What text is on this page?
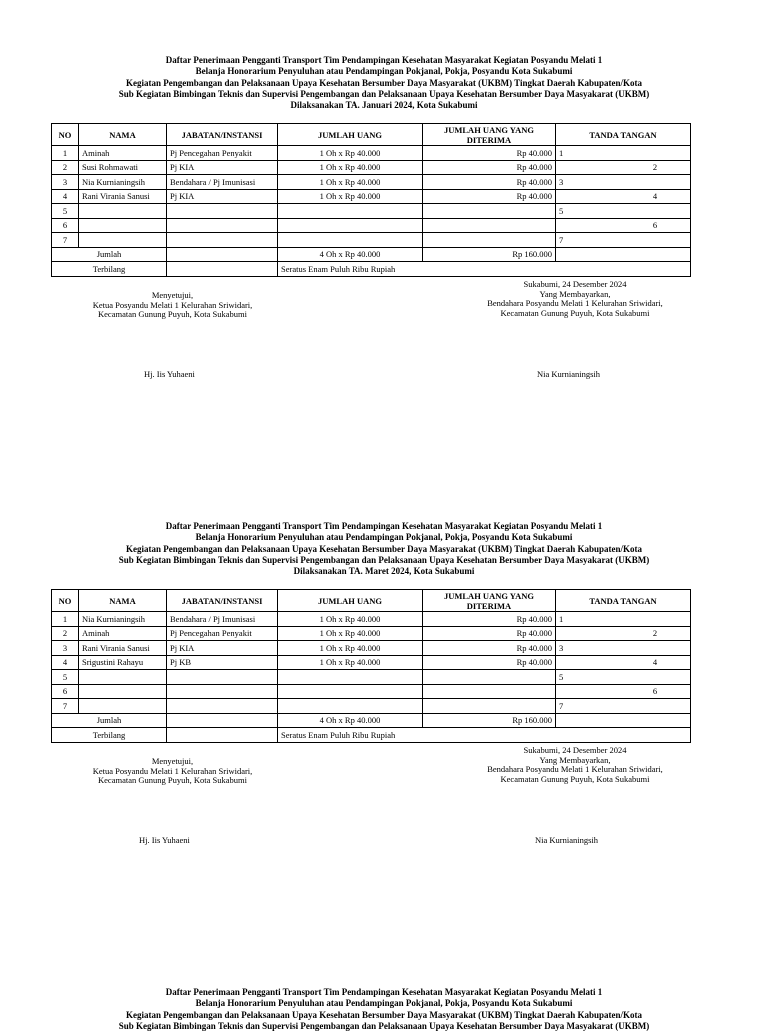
Daftar Penerimaan Pengganti Transport Tim Pendampingan Kesehatan Masyarakat Kegiatan Posyandu Melati 1
Belanja Honorarium Penyuluhan atau Pendampingan Pokjanal, Pokja, Posyandu Kota Sukabumi
Kegiatan Pengembangan dan Pelaksanaan Upaya Kesehatan Bersumber Daya Masyarakat (UKBM) Tingkat Daerah Kabupaten/Kota
Sub Kegiatan Bimbingan Teknis dan Supervisi Pengembangan dan Pelaksanaan Upaya Kesehatan Bersumber Daya Masyakarat (UKBM)
Dilaksanakan TA. Januari 2024, Kota Sukabumi
NO	NAMA	JABATAN/INSTANSI	JUMLAH UANG	JUMLAH UANG YANG DITERIMA	TANDA TANGAN
1	Aminah	Pj Pencegahan Penyakit	1 Oh x Rp 40.000	Rp 40.000	1

2	Susi Rohmawati	Pj KIA	1 Oh x Rp 40.000	Rp 40.000	2

3	Nia Kurnianingsih	Bendahara / Pj Imunisasi	1 Oh x Rp 40.000	Rp 40.000	3

4	Rani Virania Sanusi	Pj KIA	1 Oh x Rp 40.000	Rp 40.000	4

5					5

6					6

7					7

Jumlah			4 Oh x Rp 40.000	Rp 160.000	
Terbilang			Seratus Enam Puluh Ribu Rupiah		
Menyetujui,
Ketua Posyandu Melati 1 Kelurahan Sriwidari,
Kecamatan Gunung Puyuh, Kota Sukabumi
Hj. Iis Yuhaeni
Sukabumi, 24 Desember 2024
Yang Membayarkan,
Bendahara Posyandu Melati 1 Kelurahan Sriwidari,
Kecamatan Gunung Puyuh, Kota Sukabumi
Nia Kurnianingsih
Daftar Penerimaan Pengganti Transport Tim Pendampingan Kesehatan Masyarakat Kegiatan Posyandu Melati 1
Belanja Honorarium Penyuluhan atau Pendampingan Pokjanal, Pokja, Posyandu Kota Sukabumi
Kegiatan Pengembangan dan Pelaksanaan Upaya Kesehatan Bersumber Daya Masyarakat (UKBM) Tingkat Daerah Kabupaten/Kota
Sub Kegiatan Bimbingan Teknis dan Supervisi Pengembangan dan Pelaksanaan Upaya Kesehatan Bersumber Daya Masyakarat (UKBM)
Dilaksanakan TA. Maret 2024, Kota Sukabumi
NO	NAMA	JABATAN/INSTANSI	JUMLAH UANG	JUMLAH UANG YANG DITERIMA	TANDA TANGAN
1	Nia Kurnianingsih	Bendahara / Pj Imunisasi	1 Oh x Rp 40.000	Rp 40.000	1

2	Aminah	Pj Pencegahan Penyakit	1 Oh x Rp 40.000	Rp 40.000	2

3	Rani Virania Sanusi	Pj KIA	1 Oh x Rp 40.000	Rp 40.000	3

4	Srigustini Rahayu	Pj KB	1 Oh x Rp 40.000	Rp 40.000	4

5					5

6					6

7					7

Jumlah			4 Oh x Rp 40.000	Rp 160.000	
Terbilang			Seratus Enam Puluh Ribu Rupiah		
Menyetujui,
Ketua Posyandu Melati 1 Kelurahan Sriwidari,
Kecamatan Gunung Puyuh, Kota Sukabumi
Hj. Iis Yuhaeni
Sukabumi, 24 Desember 2024
Yang Membayarkan,
Bendahara Posyandu Melati 1 Kelurahan Sriwidari,
Kecamatan Gunung Puyuh, Kota Sukabumi
Nia Kurnianingsih
Daftar Penerimaan Pengganti Transport Tim Pendampingan Kesehatan Masyarakat Kegiatan Posyandu Melati 1
Belanja Honorarium Penyuluhan atau Pendampingan Pokjanal, Pokja, Posyandu Kota Sukabumi
Kegiatan Pengembangan dan Pelaksanaan Upaya Kesehatan Bersumber Daya Masyarakat (UKBM) Tingkat Daerah Kabupaten/Kota
Sub Kegiatan Bimbingan Teknis dan Supervisi Pengembangan dan Pelaksanaan Upaya Kesehatan Bersumber Daya Masyakarat (UKBM)
